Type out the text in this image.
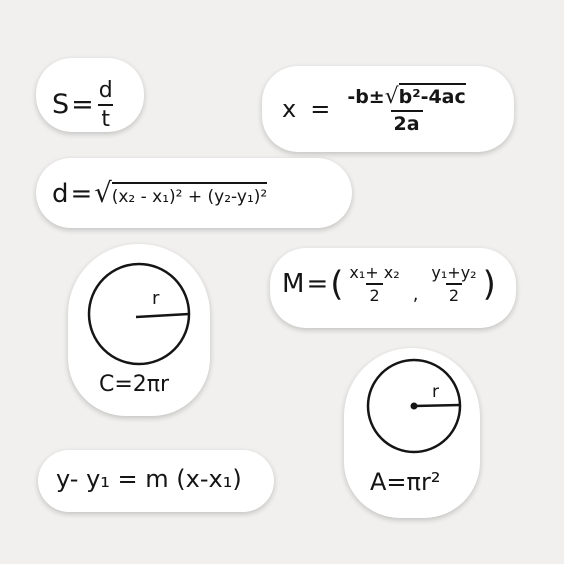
$S= \frac{d}{t}$	$x = \frac{\text{-b±√b²-4ac}}{2a}$
d=√(x₂ - x₁)² + (y₂-y₁)²
r
C=2πr
$M=( \frac{\text{x₁+ x₂}}{2}$ , $\frac{\text{y₁+y₂}}{2}$ )
r
A=πr²
y- y₁ = m (x-x₁)
